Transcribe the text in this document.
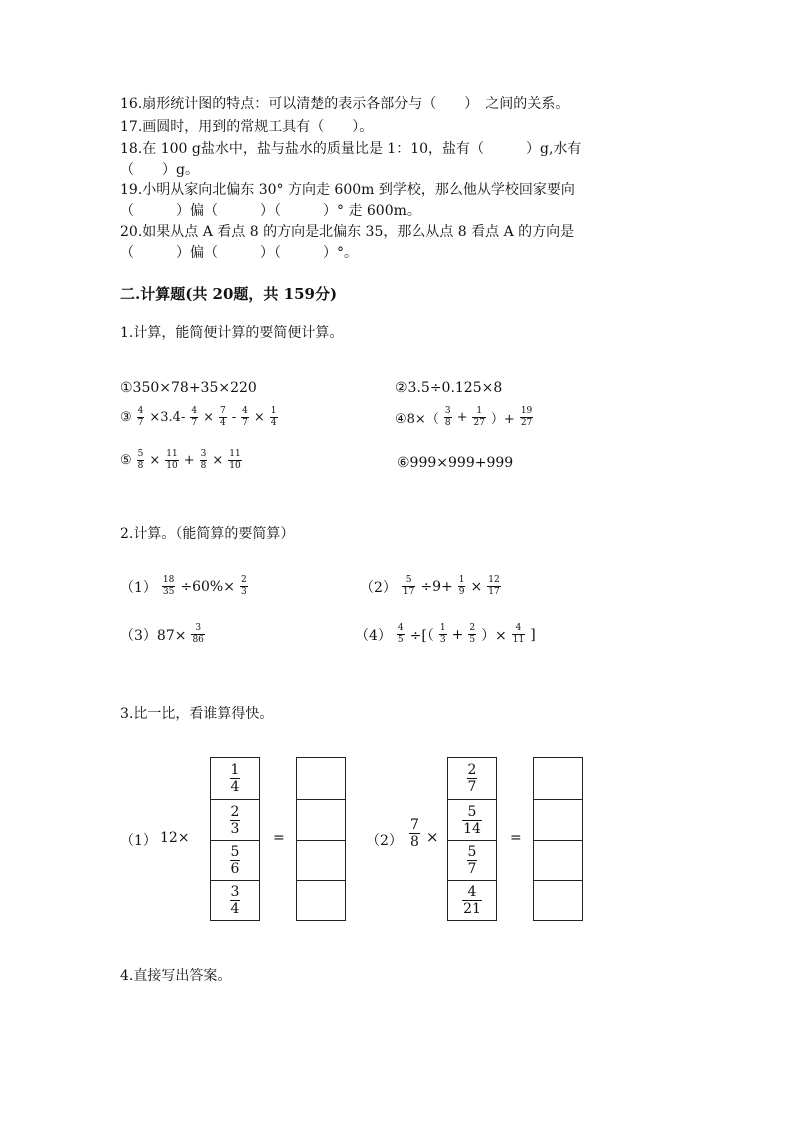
16.扇形统计图的特点：可以清楚的表示各部分与（　　）　之间的关系。
17.画圆时，用到的常规工具有（　　）。
18.在 100 g盐水中，盐与盐水的质量比是 1：10，盐有（　　　）g,水有
（　　）g。
19.小明从家向北偏东 30° 方向走 600m 到学校，那么他从学校回家要向
（　　　）偏（　　　）（　　　）° 走 600m。
20.如果从点 A 看点 8 的方向是北偏东 35，那么从点 8 看点 A 的方向是
（　　　）偏（　　　）（　　　）°。
二.计算题(共 20题，共 159分)
1.计算，能简便计算的要简便计算。
①350×78+35×220	②3.5÷0.125×8
③ $\frac{4}{7} \times 3.4- \frac{4}{7} \times \frac{7}{4} - \frac{4}{7} \times \frac{1}{4}$	④8×（
3
$8 + \frac{1}{27}$ ）+ $\frac{19}{27}$
⑤ $\frac{5}{8} \times \frac{11}{10} + \frac{3}{8} \times \frac{11}{10}$	⑥999×999+999
2.计算。（能简算的要简算）
$(1) \frac{18}{35} \div 60\%\times \frac{2}{3}$	$(2) \frac{5}{17} \div 9+ \frac{1}{9} \times \frac{12}{17}$
$(3)87\times \frac{3}{86}$	$(4) \frac{4}{5}$ ÷[（ 1
$3 + \frac{2}{5}$ ）× $\frac{4}{11}$ ]
3.比一比，看谁算得快。
（1） 12×
1
4
2
3
5
6
3
4
=	$(2) \frac{7}{8}$ ×
2
7
5
14
5
7
4
21
=
4.直接写出答案。
